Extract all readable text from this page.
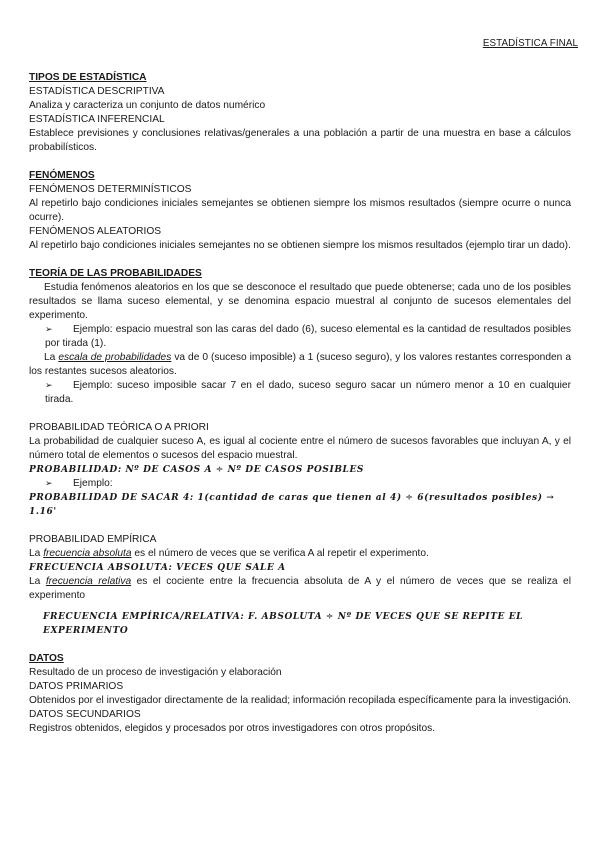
ESTADÍSTICA FINAL

TIPOS DE ESTADÍSTICA

ESTADÍSTICA DESCRIPTIVA

Analiza y caracteriza un conjunto de datos numérico

ESTADÍSTICA INFERENCIAL

Establece previsiones y conclusiones relativas/generales a una población a partir de una muestra en base a cálculos probabilísticos.

FENÓMENOS

FENÓMENOS DETERMINÍSTICOS

Al repetirlo bajo condiciones iniciales semejantes se obtienen siempre los mismos resultados (siempre ocurre o nunca ocurre).

FENÓMENOS ALEATORIOS

Al repetirlo bajo condiciones iniciales semejantes no se obtienen siempre los mismos resultados (ejemplo tirar un dado).

TEORÍA DE LAS PROBABILIDADES

Estudia fenómenos aleatorios en los que se desconoce el resultado que puede obtenerse; cada uno de los posibles resultados se llama suceso elemental, y se denomina espacio muestral al conjunto de sucesos elementales del experimento.

➢ Ejemplo: espacio muestral son las caras del dado (6), suceso elemental es la cantidad de resultados posibles por tirada (1).

La escala de probabilidades va de 0 (suceso imposible) a 1 (suceso seguro), y los valores restantes corresponden a los restantes sucesos aleatorios.

➢ Ejemplo: suceso imposible sacar 7 en el dado, suceso seguro sacar un número menor a 10 en cualquier tirada.

PROBABILIDAD TEÓRICA O A PRIORI

La probabilidad de cualquier suceso A, es igual al cociente entre el número de sucesos favorables que incluyan A, y el número total de elementos o sucesos del espacio muestral.

PROBABILIDAD: Nº DE CASOS A ÷ Nº DE CASOS POSIBLES

➢ Ejemplo:

PROBABILIDAD DE SACAR 4: 1(cantidad de caras que tienen al 4) ÷ 6(resultados posibles) → 1.16'

PROBABILIDAD EMPÍRICA

La frecuencia absoluta es el número de veces que se verifica A al repetir el experimento.

FRECUENCIA ABSOLUTA: VECES QUE SALE A

La frecuencia relativa es el cociente entre la frecuencia absoluta de A y el número de veces que se realiza el experimento

FRECUENCIA EMPÍRICA/RELATIVA: F. ABSOLUTA ÷ Nº DE VECES QUE SE REPITE EL EXPERIMENTO

DATOS

Resultado de un proceso de investigación y elaboración

DATOS PRIMARIOS

Obtenidos por el investigador directamente de la realidad; información recopilada específicamente para la investigación.

DATOS SECUNDARIOS

Registros obtenidos, elegidos y procesados por otros investigadores con otros propósitos.
